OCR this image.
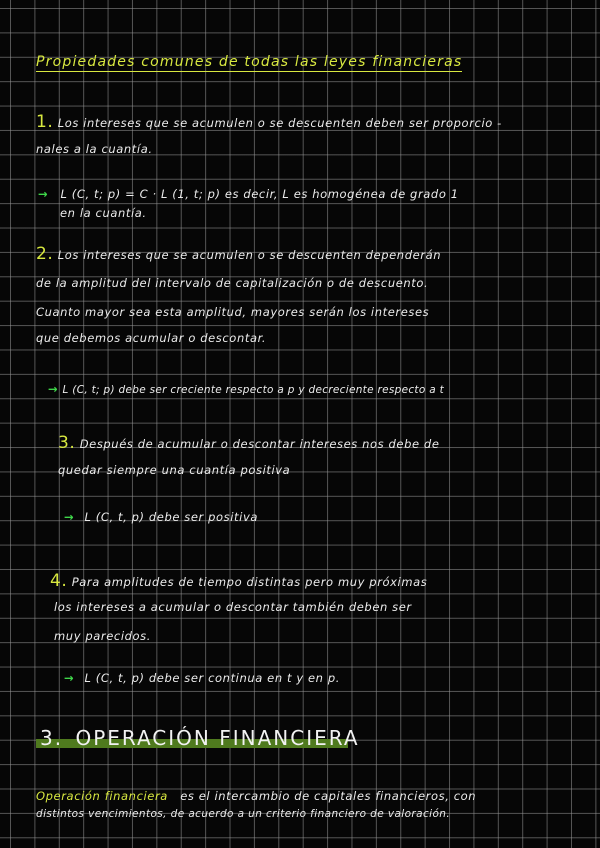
Propiedades comunes de todas las leyes financieras
1. Los intereses que se acumulen o se descuenten deben ser proporcio -
nales a la cuantía.
→ L (C, t; p) = C · L (1, t; p) es decir, L es homogénea de grado 1
en la cuantía.
2. Los intereses que se acumulen o se descuenten dependerán
de la amplitud del intervalo de capitalización o de descuento.
Cuanto mayor sea esta amplitud, mayores serán los intereses
que debemos acumular o descontar.
→ L (C, t; p) debe ser creciente respecto a p y decreciente respecto a t
3. Después de acumular o descontar intereses nos debe de
quedar siempre una cuantía positiva
→ L (C, t, p) debe ser positiva
4. Para amplitudes de tiempo distintas pero muy próximas
los intereses a acumular o descontar también deben ser
muy parecidos.
→ L (C, t, p) debe ser continua en t y en p.
3. OPERACIÓN FINANCIERA
Operación financiera es el intercambio de capitales financieros, con
distintos vencimientos, de acuerdo a un criterio financiero de valoración.
